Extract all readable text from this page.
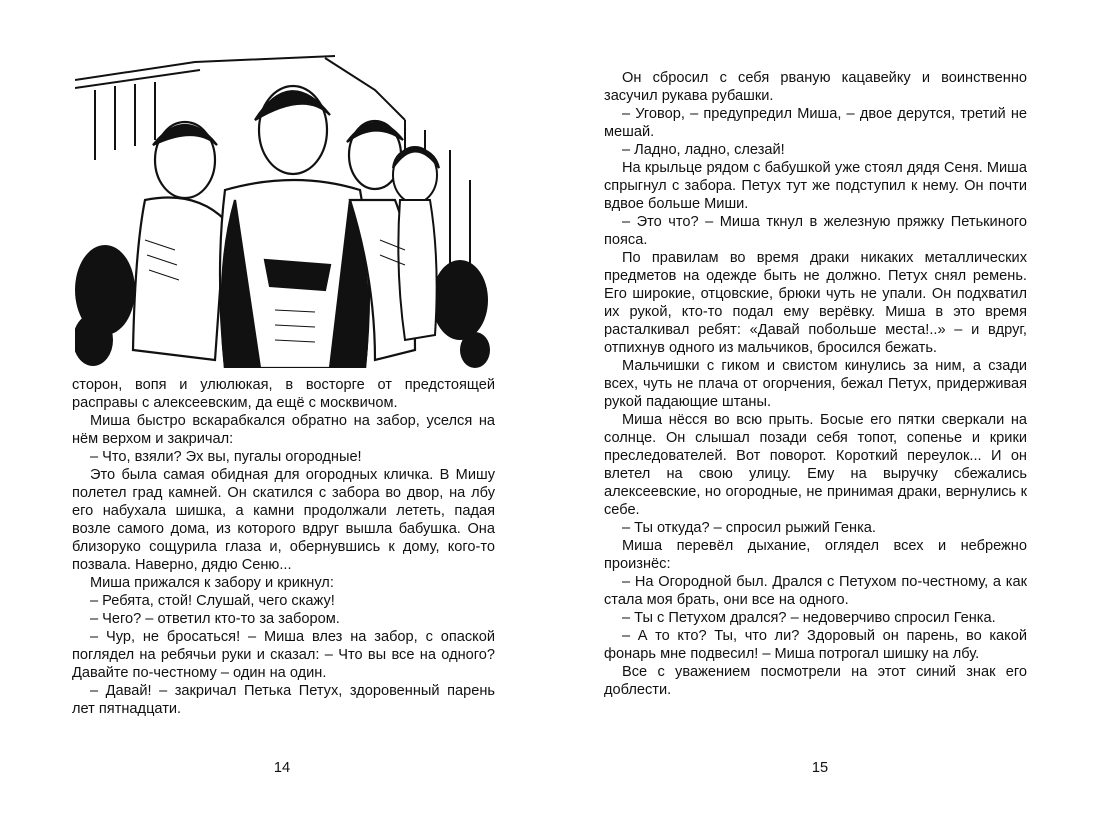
сторон, вопя и улюлюкая, в восторге от предстоящей расправы с алексеевским, да ещё с москвичом.

Миша быстро вскарабкался обратно на забор, уселся на нём верхом и закричал:

– Что, взяли? Эх вы, пугалы огородные!

Это была самая обидная для огородных кличка. В Мишу полетел град камней. Он скатился с забора во двор, на лбу его набухала шишка, а камни продолжали лететь, падая возле самого дома, из которого вдруг вышла бабушка. Она близоруко сощурила глаза и, обернувшись к дому, кого-то позвала. Наверно, дядю Сеню...

Миша прижался к забору и крикнул:

– Ребята, стой! Слушай, чего скажу!

– Чего? – ответил кто-то за забором.

– Чур, не бросаться! – Миша влез на забор, с опаской поглядел на ребячьи руки и сказал: – Что вы все на одного? Давайте по-честному – один на один.

– Давай! – закричал Петька Петух, здоровенный парень лет пятнадцати.

14	15

Он сбросил с себя рваную кацавейку и воинственно засучил рукава рубашки.

– Уговор, – предупредил Миша, – двое дерутся, третий не мешай.

– Ладно, ладно, слезай!

На крыльце рядом с бабушкой уже стоял дядя Сеня. Миша спрыгнул с забора. Петух тут же подступил к нему. Он почти вдвое больше Миши.

– Это что? – Миша ткнул в железную пряжку Петькиного пояса.

По правилам во время драки никаких металлических предметов на одежде быть не должно. Петух снял ремень. Его широкие, отцовские, брюки чуть не упали. Он подхватил их рукой, кто-то подал ему верёвку. Миша в это время расталкивал ребят: «Давай побольше места!..» – и вдруг, отпихнув одного из мальчиков, бросился бежать.

Мальчишки с гиком и свистом кинулись за ним, а сзади всех, чуть не плача от огорчения, бежал Петух, придерживая рукой падающие штаны.

Миша нёсся во всю прыть. Босые его пятки сверкали на солнце. Он слышал позади себя топот, сопенье и крики преследователей. Вот поворот. Короткий переулок... И он влетел на свою улицу. Ему на выручку сбежались алексеевские, но огородные, не принимая драки, вернулись к себе.

– Ты откуда? – спросил рыжий Генка.

Миша перевёл дыхание, оглядел всех и небрежно произнёс:

– На Огородной был. Дрался с Петухом по-честному, а как стала моя брать, они все на одного.

– Ты с Петухом дрался? – недоверчиво спросил Генка.

– А то кто? Ты, что ли? Здоровый он парень, во какой фонарь мне подвесил! – Миша потрогал шишку на лбу.

Все с уважением посмотрели на этот синий знак его доблести.
